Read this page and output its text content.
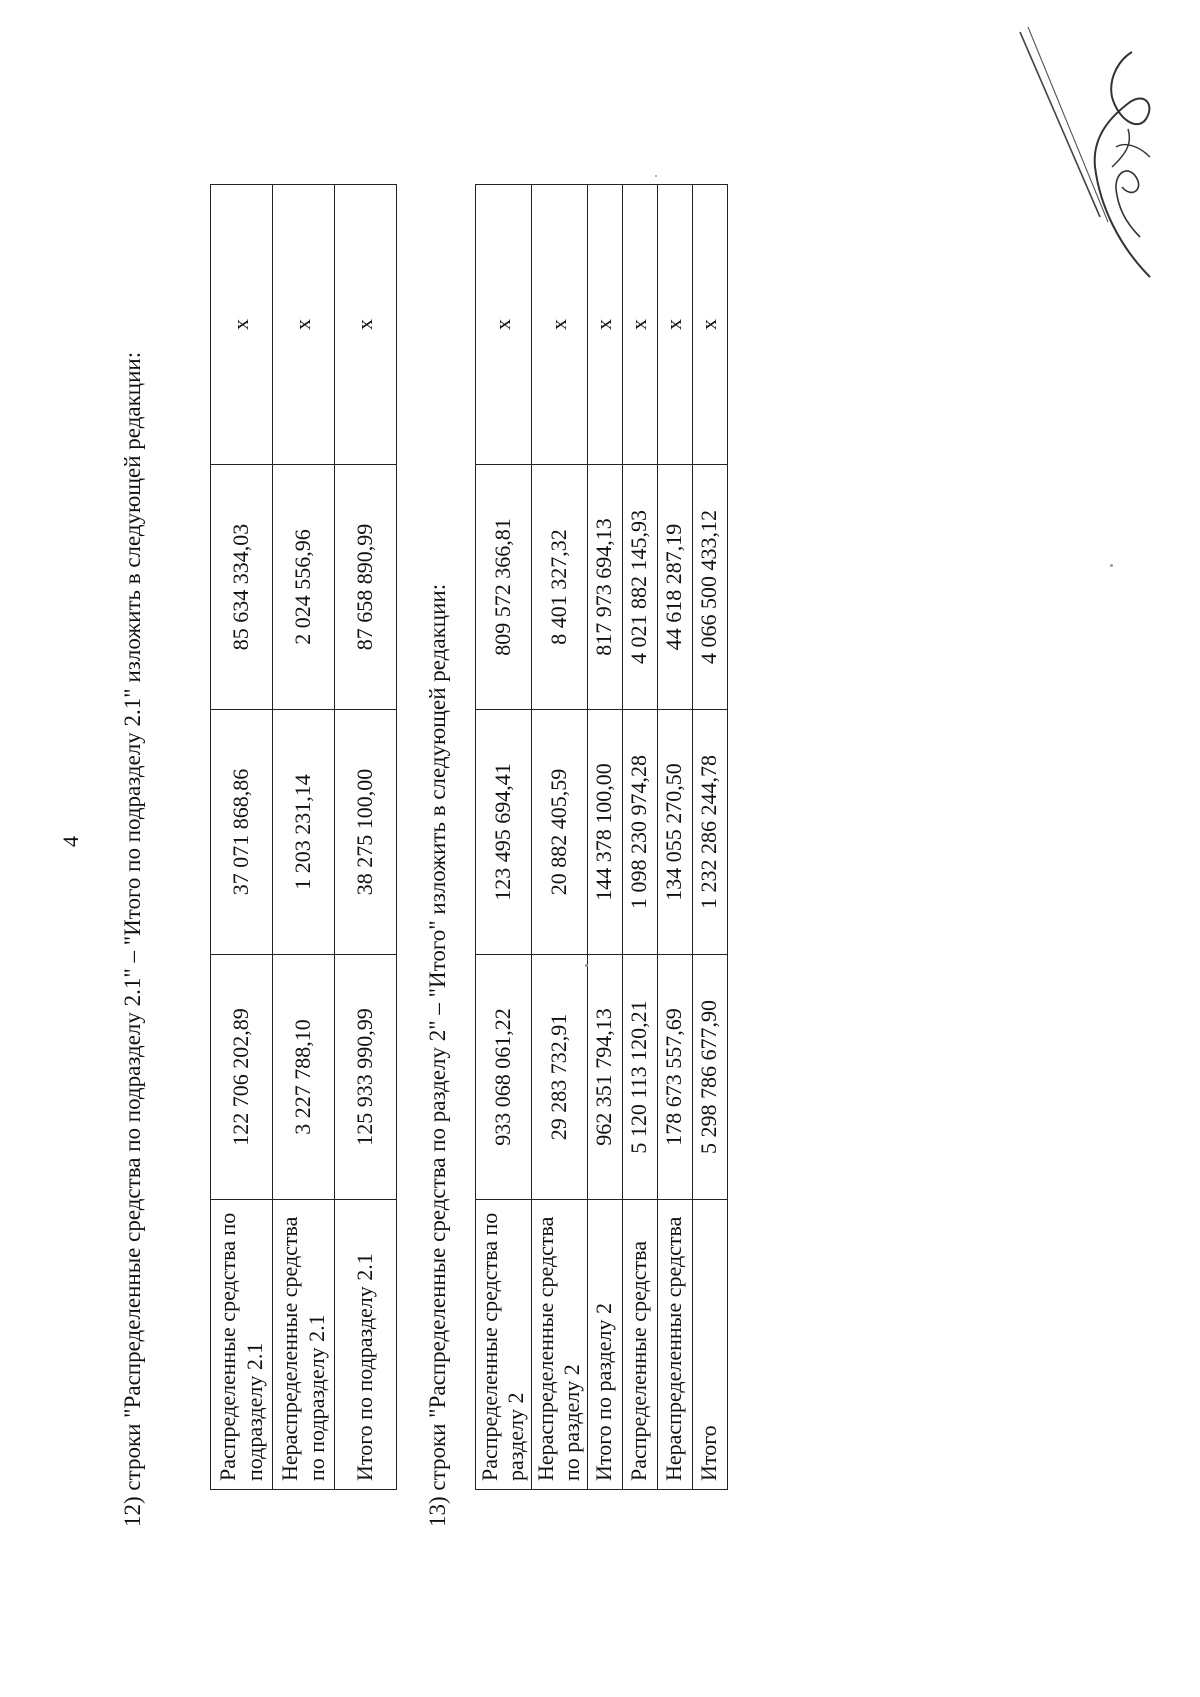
4 12) строки "Распределенные средства по подразделу 2.1" – "Итого по подразделу 2.1" изложить в следующей редакции:	Распределенные средства по подразделу 2.1	122 706 202,89	37 071 868,86	85 634 334,03	х
Нераспределенные средства по подразделу 2.1	3 227 788,10	1 203 231,14	2 024 556,96	х
Итого по подразделу 2.1	125 933 990,99	38 275 100,00	87 658 890,99	х
13) строки "Распределенные средства по разделу 2" – "Итого" изложить в следующей редакции: Распределенные средства по разделу 2	933 068 061,22	123 495 694,41	809 572 366,81	х
Нераспределенные средства по разделу 2	29 283 732,91	20 882 405,59	8 401 327,32	х
Итого по разделу 2	962 351 794,13	144 378 100,00	817 973 694,13	х
Распределенные средства	5 120 113 120,21	1 098 230 974,28	4 021 882 145,93	х
Нераспределенные средства	178 673 557,69	134 055 270,50	44 618 287,19	х
Итого	5 298 786 677,90	1 232 286 244,78	4 066 500 433,12	х
